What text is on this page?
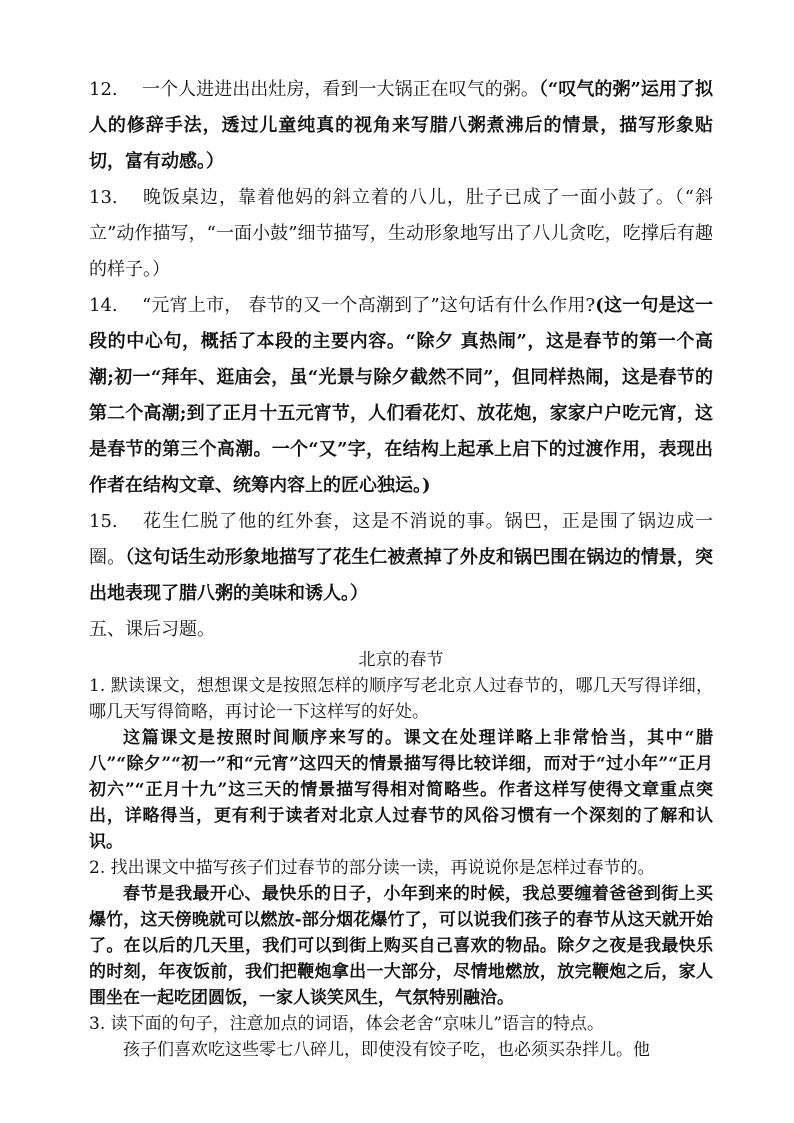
12. 一个人进进出出灶房，看到一大锅正在叹气的粥。（“叹气的粥”运用了拟人的修辞手法，透过儿童纯真的视角来写腊八粥煮沸后的情景，描写形象贴切，富有动感。）

13. 晚饭桌边，靠着他妈的斜立着的八儿，肚子已成了一面小鼓了。（“斜立”动作描写，“一面小鼓”细节描写，生动形象地写出了八儿贪吃，吃撑后有趣的样子。）

14. “元宵上市， 春节的又一个高潮到了”这句话有什么作用?(这一句是这一段的中心句，概括了本段的主要内容。“除夕 真热闹”，这是春节的第一个高潮;初一“拜年、逛庙会，虽“光景与除夕截然不同”，但同样热闹，这是春节的第二个高潮;到了正月十五元宵节，人们看花灯、放花炮，家家户户吃元宵，这是春节的第三个高潮。一个“又”字，在结构上起承上启下的过渡作用，表现出作者在结构文章、统筹内容上的匠心独运。)

15. 花生仁脱了他的红外套，这是不消说的事。锅巴，正是围了锅边成一圈。（这句话生动形象地描写了花生仁被煮掉了外皮和锅巴围在锅边的情景，突出地表现了腊八粥的美味和诱人。）

五、课后习题。

北京的春节

1. 默读课文，想想课文是按照怎样的顺序写老北京人过春节的，哪几天写得详细，哪几天写得简略，再讨论一下这样写的好处。

这篇课文是按照时间顺序来写的。课文在处理详略上非常恰当，其中“腊八”“除夕”“初一”和“元宵”这四天的情景描写得比较详细，而对于“过小年”“正月初六”“正月十九”这三天的情景描写得相对简略些。作者这样写使得文章重点突出，详略得当，更有利于读者对北京人过春节的风俗习惯有一个深刻的了解和认识。

2. 找出课文中描写孩子们过春节的部分读一读，再说说你是怎样过春节的。

春节是我最开心、最快乐的日子，小年到来的时候，我总要缠着爸爸到街上买爆竹，这天傍晚就可以燃放-部分烟花爆竹了，可以说我们孩子的春节从这天就开始了。在以后的几天里，我们可以到街上购买自己喜欢的物品。除夕之夜是我最快乐的时刻，年夜饭前，我们把鞭炮拿出一大部分，尽情地燃放，放完鞭炮之后，家人围坐在一起吃团圆饭，一家人谈笑风生，气氛特别融洽。

3. 读下面的句子，注意加点的词语，体会老舍“京味儿”语言的特点。

孩子们喜欢吃这些零七八碎儿，即使没有饺子吃，也必须买杂拌儿。他
